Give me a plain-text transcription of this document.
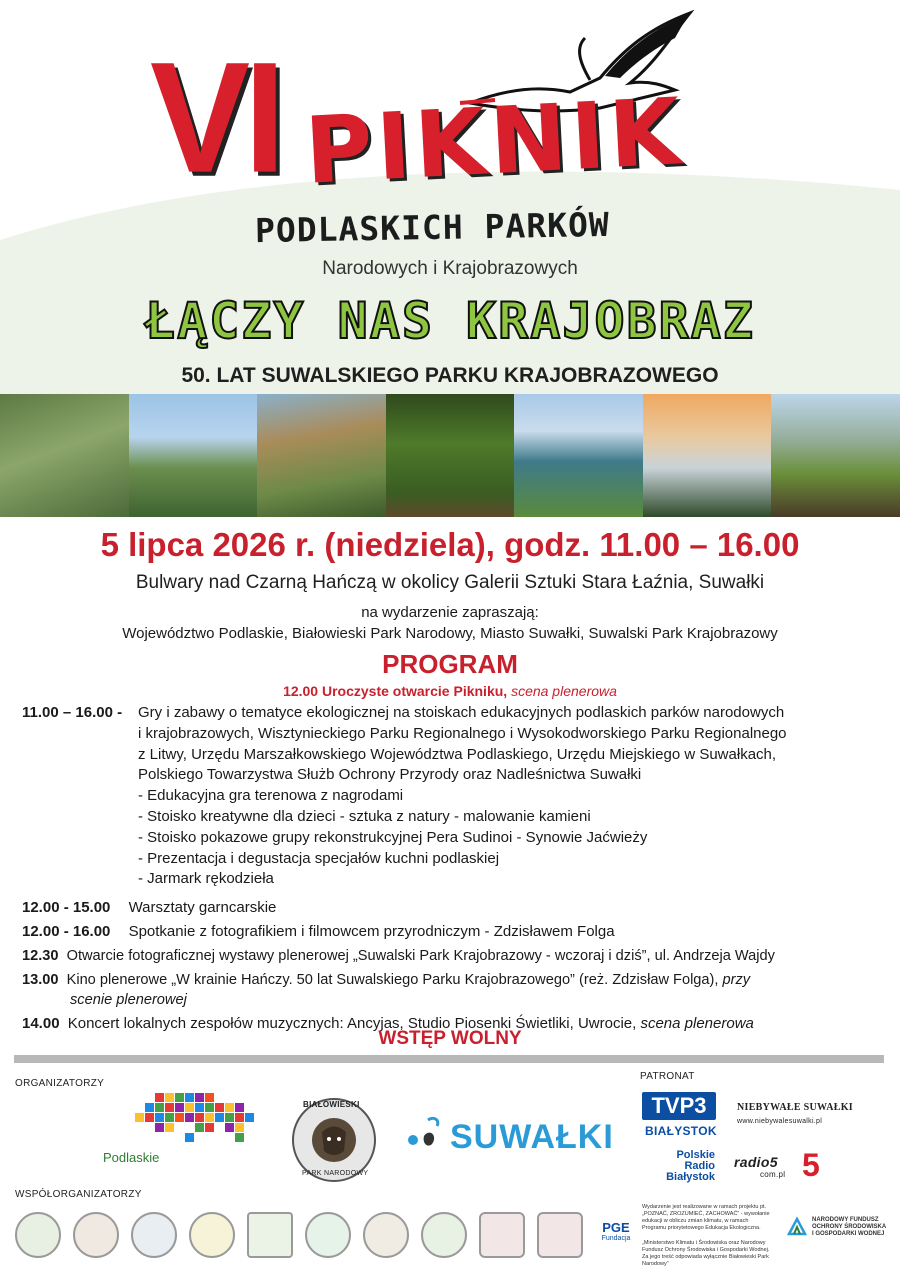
VI PIKNIK
PODLASKICH PARKÓW
Narodowych i Krajobrazowych
ŁĄCZY NAS KRAJOBRAZ
50. LAT SUWALSKIEGO PARKU KRAJOBRAZOWEGO
5 lipca 2026 r. (niedziela), godz. 11.00 – 16.00
Bulwary nad Czarną Hańczą w okolicy Galerii Sztuki Stara Łaźnia, Suwałki
na wydarzenie zapraszają:
Województwo Podlaskie, Białowieski Park Narodowy, Miasto Suwałki, Suwalski Park Krajobrazowy
PROGRAM
12.00 Uroczyste otwarcie Pikniku, scena plenerowa
11.00 – 16.00 - Gry i zabawy o tematyce ekologicznej na stoiskach edukacyjnych podlaskich parków narodowych
i krajobrazowych, Wisztynieckiego Parku Regionalnego i Wysokodworskiego Parku Regionalnego
z Litwy, Urzędu Marszałkowskiego Województwa Podlaskiego, Urzędu Miejskiego w Suwałkach,
Polskiego Towarzystwa Służb Ochrony Przyrody oraz Nadleśnictwa Suwałki
- Edukacyjna gra terenowa z nagrodami
- Stoisko kreatywne dla dzieci - sztuka z natury - malowanie kamieni
- Stoisko pokazowe grupy rekonstrukcyjnej Pera Sudinoi - Synowie Jaćwieży
- Prezentacja i degustacja specjałów kuchni podlaskiej
- Jarmark rękodzieła
12.00 - 15.00 Warsztaty garncarskie
12.00 - 16.00 Spotkanie z fotografikiem i filmowcem przyrodniczym - Zdzisławem Folga
12.30 Otwarcie fotograficznej wystawy plenerowej „Suwalski Park Krajobrazowy - wczoraj i dziś”, ul. Andrzeja Wajdy
13.00 Kino plenerowe „W krainie Hańczy. 50 lat Suwalskiego Parku Krajobrazowego” (reż. Zdzisław Folga), przy
scenie plenerowej
14.00 Koncert lokalnych zespołów muzycznych: Ancyjas, Studio Piosenki Świetliki, Uwrocie, scena plenerowa
WSTĘP WOLNY
ORGANIZATORZY
WSPÓŁORGANIZATORZY
PATRONAT
Podlaskie
BIAŁOWIESKI
PARK NARODOWY
SUWAŁKI
TVP3
BIAŁYSTOK
Polskie
Radio
Białystok
NIEBYWAŁE SUWAŁKI
www.niebywalesuwalki.pl
radio5
com.pl 5
PGE
Fundacja
Wydarzenie jest realizowane w ramach projektu pt. „POZNAĆ, ZROZUMIEĆ, ZACHOWAĆ” - wywołanie edukacji w obliczu zmian klimatu, w ramach Programu priorytetowego Edukacja Ekologiczna.
„Ministerstwo Klimatu i Środowiska oraz Narodowy Fundusz Ochrony Środowiska i Gospodarki Wodnej. Za jego treść odpowiada wyłącznie Białowieski Park Narodowy”
NARODOWY FUNDUSZ
OCHRONY ŚRODOWISKA
I GOSPODARKI WODNEJ
